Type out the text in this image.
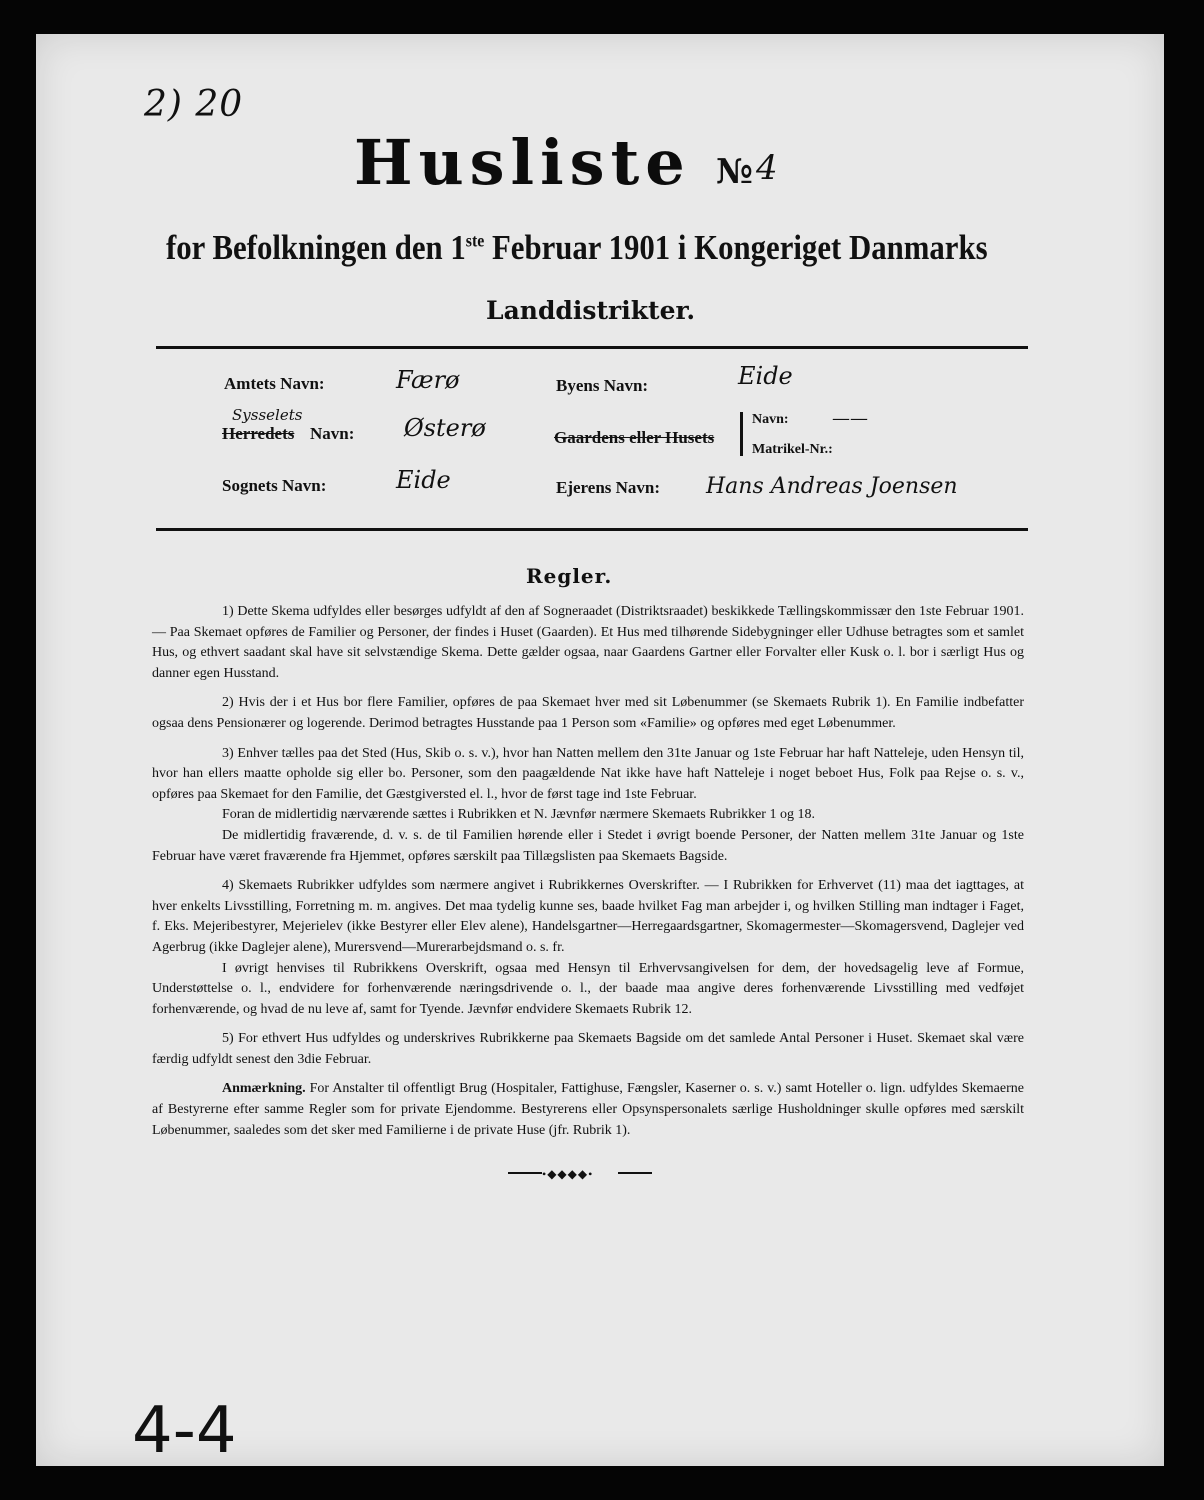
2) 20
Husliste № 4
for Befolkningen den 1ste Februar 1901 i Kongeriget Danmarks
Landdistrikter.
Amtets Navn:	Færø
Sysselets
Herredets Navn: Østerø
Sognets Navn:	Eide
Byens Navn:	Eide
Gaardens eller Husets
Navn: ——
Matrikel-Nr.:
Ejerens Navn: Hans Andreas Joensen
Regler.

1) Dette Skema udfyldes eller besørges udfyldt af den af Sogneraadet (Distriktsraadet) beskikkede Tællingskommissær den 1ste Februar 1901. — Paa Skemaet opføres de Familier og Personer, der findes i Huset (Gaarden). Et Hus med tilhørende Sidebygninger eller Udhuse betragtes som et samlet Hus, og ethvert saadant skal have sit selvstændige Skema. Dette gælder ogsaa, naar Gaardens Gartner eller Forvalter eller Kusk o. l. bor i særligt Hus og danner egen Husstand.

2) Hvis der i et Hus bor flere Familier, opføres de paa Skemaet hver med sit Løbenummer (se Skemaets Rubrik 1). En Familie indbefatter ogsaa dens Pensionærer og logerende. Derimod betragtes Husstande paa 1 Person som «Familie» og opføres med eget Løbenummer.

3) Enhver tælles paa det Sted (Hus, Skib o. s. v.), hvor han Natten mellem den 31te Januar og 1ste Februar har haft Natteleje, uden Hensyn til, hvor han ellers maatte opholde sig eller bo. Personer, som den paagældende Nat ikke have haft Natteleje i noget beboet Hus, Folk paa Rejse o. s. v., opføres paa Skemaet for den Familie, det Gæstgiversted el. l., hvor de først tage ind 1ste Februar.

Foran de midlertidig nærværende sættes i Rubrikken et N. Jævnfør nærmere Skemaets Rubrikker 1 og 18.

De midlertidig fraværende, d. v. s. de til Familien hørende eller i Stedet i øvrigt boende Personer, der Natten mellem 31te Januar og 1ste Februar have været fraværende fra Hjemmet, opføres særskilt paa Tillægslisten paa Skemaets Bagside.

4) Skemaets Rubrikker udfyldes som nærmere angivet i Rubrikkernes Overskrifter. — I Rubrikken for Erhvervet (11) maa det iagttages, at hver enkelts Livsstilling, Forretning m. m. angives. Det maa tydelig kunne ses, baade hvilket Fag man arbejder i, og hvilken Stilling man indtager i Faget, f. Eks. Mejeribestyrer, Mejerielev (ikke Bestyrer eller Elev alene), Handelsgartner—Herregaardsgartner, Skomagermester—Skomagersvend, Daglejer ved Agerbrug (ikke Daglejer alene), Murersvend—Murerarbejdsmand o. s. fr.

I øvrigt henvises til Rubrikkens Overskrift, ogsaa med Hensyn til Erhvervsangivelsen for dem, der hovedsagelig leve af Formue, Understøttelse o. l., endvidere for forhenværende næringsdrivende o. l., der baade maa angive deres forhenværende Livsstilling med vedføjet forhenværende, og hvad de nu leve af, samt for Tyende. Jævnfør endvidere Skemaets Rubrik 12.

5) For ethvert Hus udfyldes og underskrives Rubrikkerne paa Skemaets Bagside om det samlede Antal Personer i Huset. Skemaet skal være færdig udfyldt senest den 3die Februar.

Anmærkning. For Anstalter til offentligt Brug (Hospitaler, Fattighuse, Fængsler, Kaserner o. s. v.) samt Hoteller o. lign. udfyldes Skemaerne af Bestyrerne efter samme Regler som for private Ejendomme. Bestyrerens eller Opsynspersonalets særlige Husholdninger skulle opføres med særskilt Løbenummer, saaledes som det sker med Familierne i de private Huse (jfr. Rubrik 1).

•◆◆◆◆•
4-4
